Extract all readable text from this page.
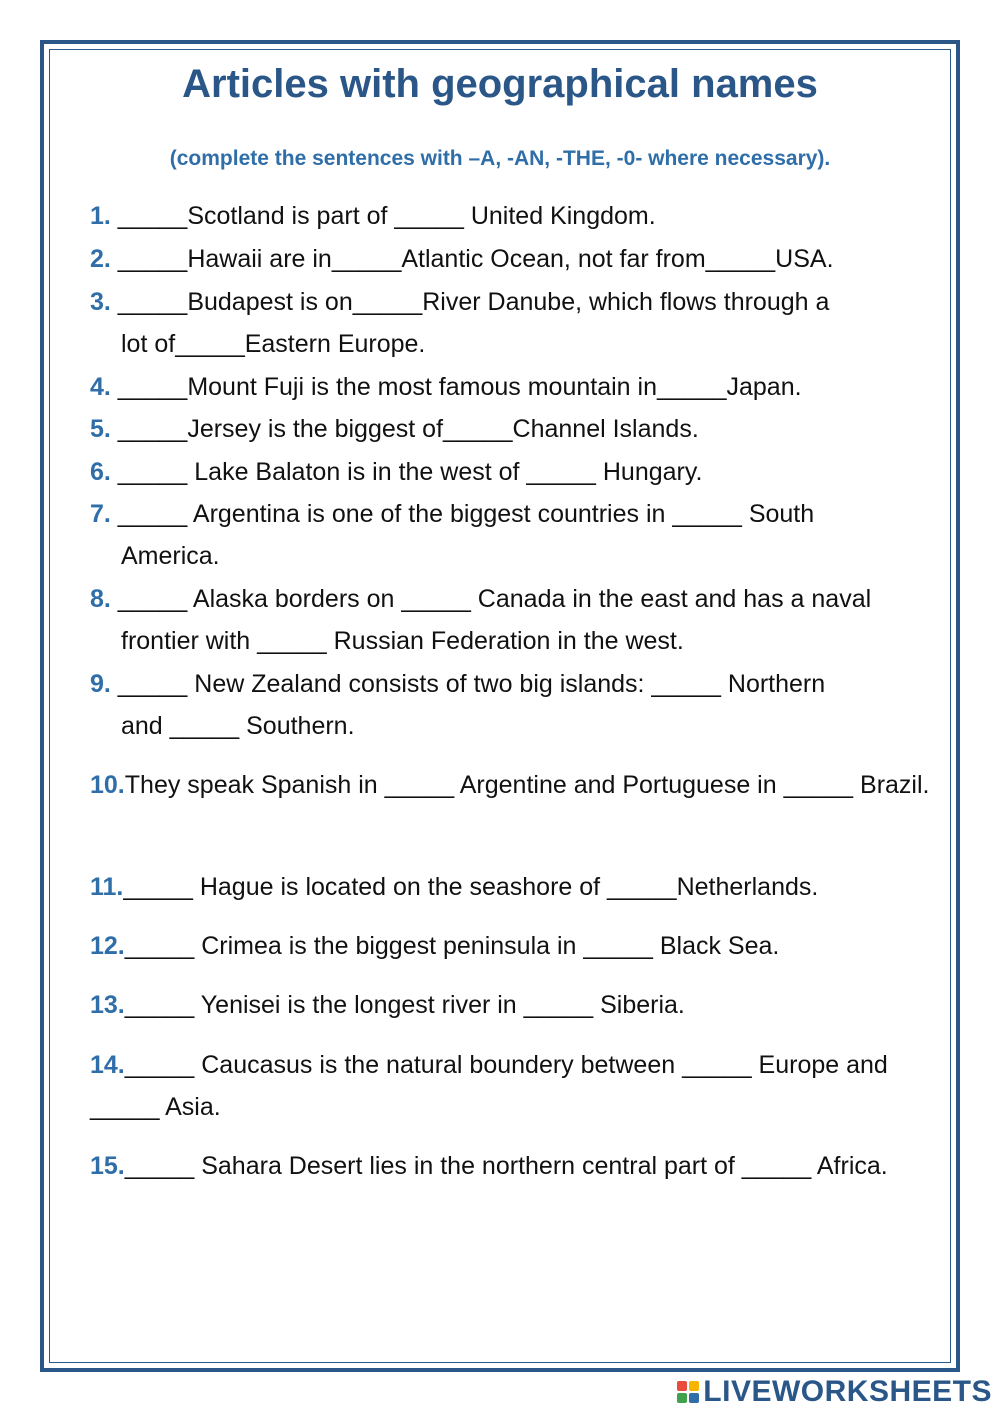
Articles with geographical names

(complete the sentences with –A, -AN, -THE, -0- where necessary).

1. _____Scotland is part of _____ United Kingdom.

2. _____Hawaii are in_____Atlantic Ocean, not far from_____USA.

3. _____Budapest is on_____River Danube, which flows through a
lot of_____Eastern Europe.

4. _____Mount Fuji is the most famous mountain in_____Japan.

5. _____Jersey is the biggest of_____Channel Islands.

6. _____ Lake Balaton is in the west of _____ Hungary.

7. _____ Argentina is one of the biggest countries in _____ South
America.

8. _____ Alaska borders on _____ Canada in the east and has a naval
frontier with _____ Russian Federation in the west.

9. _____ New Zealand consists of two big islands: _____ Northern
and _____ Southern.

10.They speak Spanish in _____ Argentine and Portuguese in _____ Brazil.

11._____ Hague is located on the seashore of _____Netherlands.

12._____ Crimea is the biggest peninsula in _____ Black Sea.

13._____ Yenisei is the longest river in _____ Siberia.

14._____ Caucasus is the natural boundery between _____ Europe and _____ Asia.

15._____ Sahara Desert lies in the northern central part of _____ Africa.

LIVEWORKSHEETS
